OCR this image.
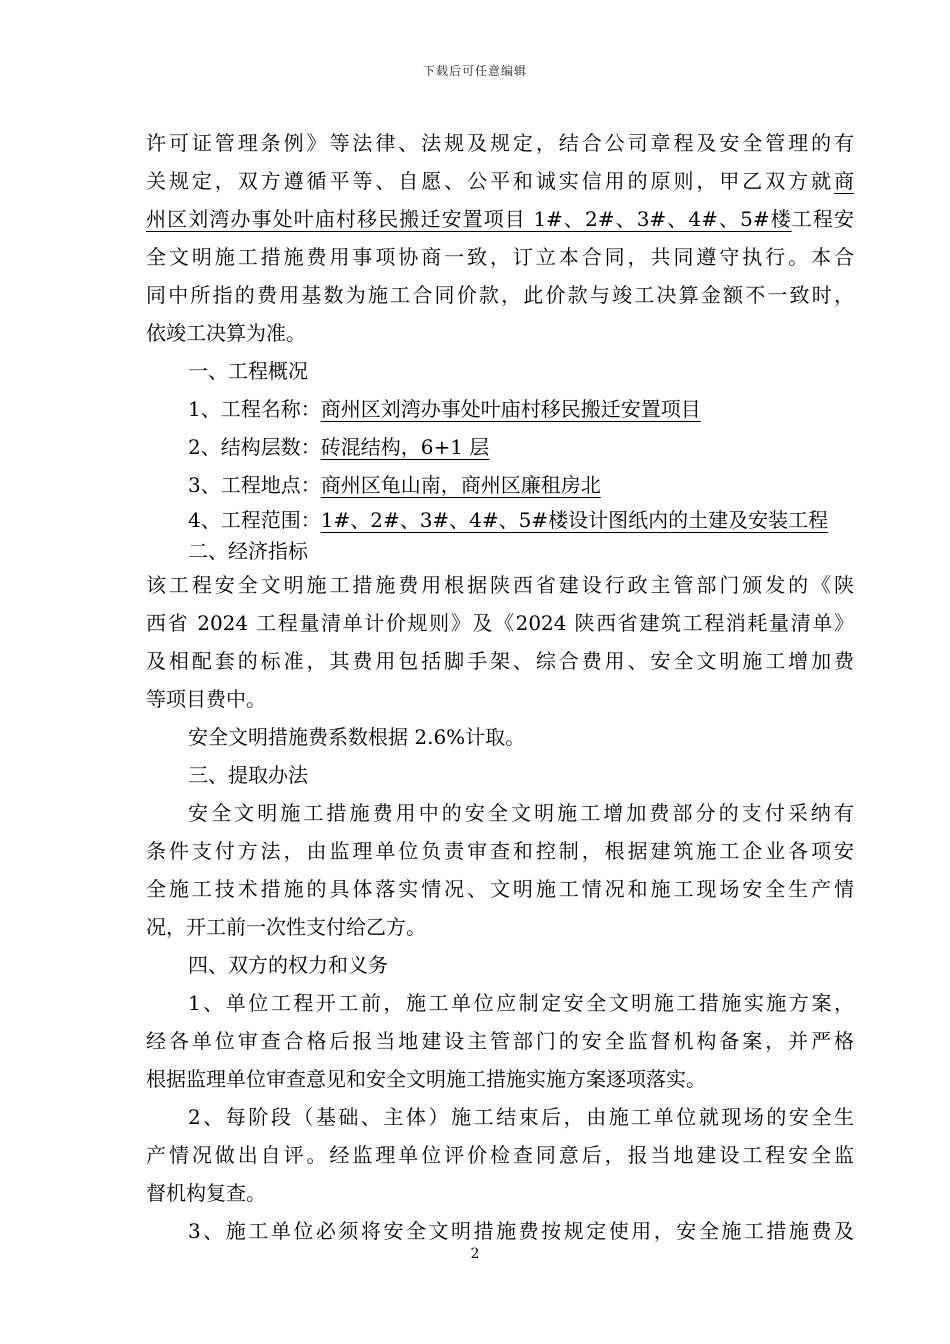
下载后可任意编辑

许可证管理条例》等法律、法规及规定，结合公司章程及安全管理的有

关规定，双方遵循平等、自愿、公平和诚实信用的原则，甲乙双方就商

州区刘湾办事处叶庙村移民搬迁安置项目 1#、2#、3#、4#、5#楼工程安

全文明施工措施费用事项协商一致，订立本合同，共同遵守执行。本合

同中所指的费用基数为施工合同价款，此价款与竣工决算金额不一致时，

依竣工决算为准。

一、工程概况

1、工程名称：商州区刘湾办事处叶庙村移民搬迁安置项目

2、结构层数：砖混结构，6+1 层

3、工程地点：商州区龟山南，商州区廉租房北

4、工程范围：1#、2#、3#、4#、5#楼设计图纸内的土建及安装工程

二、经济指标

该工程安全文明施工措施费用根据陕西省建设行政主管部门颁发的《陕

西省 2024 工程量清单计价规则》及《2024 陕西省建筑工程消耗量清单》

及相配套的标准，其费用包括脚手架、综合费用、安全文明施工增加费

等项目费中。

安全文明措施费系数根据 2.6%计取。

三、提取办法

安全文明施工措施费用中的安全文明施工增加费部分的支付采纳有

条件支付方法，由监理单位负责审查和控制，根据建筑施工企业各项安

全施工技术措施的具体落实情况、文明施工情况和施工现场安全生产情

况，开工前一次性支付给乙方。

四、双方的权力和义务

1、单位工程开工前，施工单位应制定安全文明施工措施实施方案，

经各单位审查合格后报当地建设主管部门的安全监督机构备案，并严格

根据监理单位审查意见和安全文明施工措施实施方案逐项落实。

2、每阶段（基础、主体）施工结束后，由施工单位就现场的安全生

产情况做出自评。经监理单位评价检查同意后，报当地建设工程安全监

督机构复查。

3、施工单位必须将安全文明措施费按规定使用，安全施工措施费及

2
